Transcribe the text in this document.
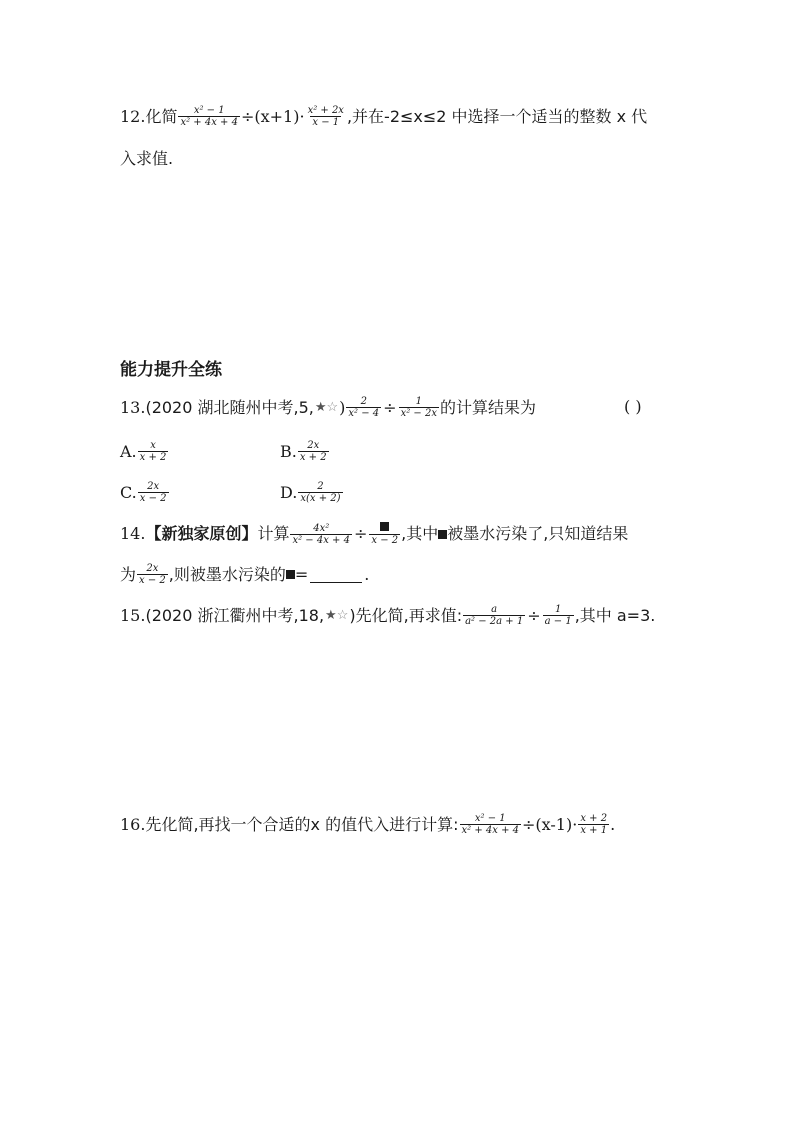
12. 化简 $\frac{\text{x² − 1}}{\text{x² + 4x + 4}} \div(x+1)\cdot \frac{\text{x² + 2x}}{x - 1}$ ,并在-2≤x≤2 中选择一个适当的整数 x 代
入求值.
能力提升全练
13. (2020 湖北随州中考,5, ★ ☆ ) $\frac{2}{\text{x² − 4}} \div \frac{1}{\text{x² − 2x}}$ 的计算结果为	( )
A. $\frac{x}{x + 2}$	B. $\frac{2x}{x + 2}$
C. $\frac{2x}{x - 2}$	D. $\frac{2}{x(x + 2)}$
14. 【新独家原创】 计算 $\frac{\text{4x²}}{\text{x² − 4x + 4}} \div x - 2$ ,其中 被墨水污染了,只知道结果
为 $\frac{2x}{x - 2}$ ,则被墨水污染的 =	.
15. (2020 浙江衢州中考,18, ★ ☆ )先化简,再求值: $\frac{a}{\text{a² − 2a + 1}} \div \frac{1}{a - 1}$ ,其中 a=3.
16. 先化简,再找一个合适的x 的值代入进行计算: $\frac{\text{x² − 1}}{\text{x² + 4x + 4}} \div(x-1)\cdot \frac{x + 2}{x + 1}$ .
